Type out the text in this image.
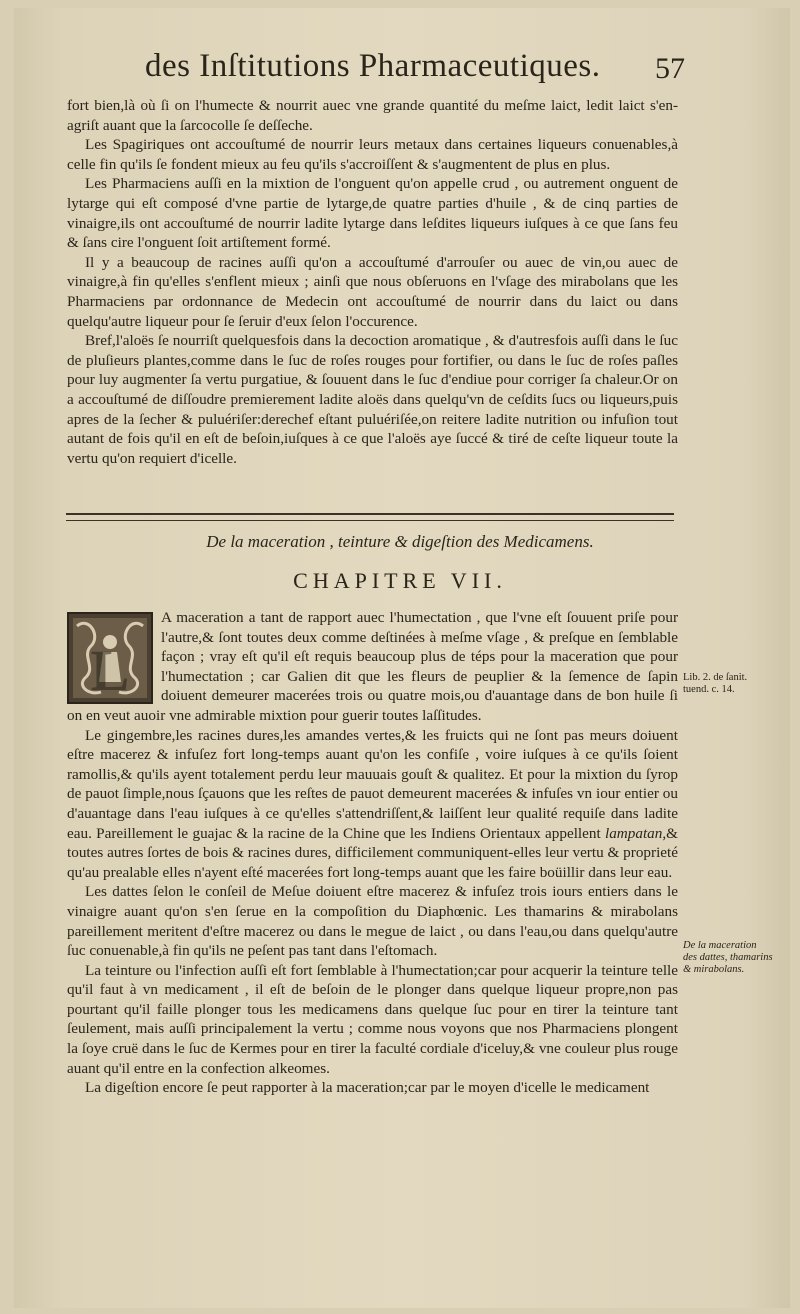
des Inſtitutions Pharmaceutiques. 57

fort bien,là où ſi on l'humecte & nourrit auec vne grande quantité du meſme laict, ledit laict s'en-agriſt auant que la ſarcocolle ſe deſſeche.

Les Spagiriques ont accouſtumé de nourrir leurs metaux dans certaines liqueurs conuenables,à celle fin qu'ils ſe fondent mieux au feu qu'ils s'accroiſſent & s'augmentent de plus en plus.

Les Pharmaciens auſſi en la mixtion de l'onguent qu'on appelle crud , ou autrement onguent de lytarge qui eſt composé d'vne partie de lytarge,de quatre parties d'huile , & de cinq parties de vinaigre,ils ont accouſtumé de nourrir ladite lytarge dans leſdites liqueurs iuſques à ce que ſans feu & ſans cire l'onguent ſoit artiſtement formé.

Il y a beaucoup de racines auſſi qu'on a accouſtumé d'arrouſer ou auec de vin,ou auec de vinaigre,à fin qu'elles s'enflent mieux ; ainſi que nous obſeruons en l'vſage des mirabolans que les Pharmaciens par ordonnance de Medecin ont accouſtumé de nourrir dans du laict ou dans quelqu'autre liqueur pour ſe ſeruir d'eux ſelon l'occurence.

Bref,l'aloës ſe nourriſt quelquesfois dans la decoction aromatique , & d'autresfois auſſi dans le ſuc de pluſieurs plantes,comme dans le ſuc de roſes rouges pour fortifier, ou dans le ſuc de roſes paſles pour luy augmenter ſa vertu purgatiue, & ſouuent dans le ſuc d'endiue pour corriger ſa chaleur.Or on a accouſtumé de diſſoudre premierement ladite aloës dans quelqu'vn de ceſdits ſucs ou liqueurs,puis apres de la ſecher & puluériſer:derechef eſtant puluériſée,on reitere ladite nutrition ou infuſion tout autant de fois qu'il en eſt de beſoin,iuſques à ce que l'aloës aye ſuccé & tiré de ceſte liqueur toute la vertu qu'on requiert d'icelle.

De la maceration , teinture & digeſtion des Medicamens.
CHAPITRE VII.
L

A maceration a tant de rapport auec l'humectation , que l'vne eſt ſouuent priſe pour l'autre,& ſont toutes deux comme deſtinées à meſme vſage , & preſque en ſemblable façon ; vray eſt qu'il eſt requis beaucoup plus de téps pour la maceration que pour l'humectation ; car Galien dit que les fleurs de peuplier & la ſemence de ſapin doiuent demeurer macerées trois ou quatre mois,ou d'auantage dans de bon huile ſi on en veut auoir vne admirable mixtion pour guerir toutes laſſitudes.

Le gingembre,les racines dures,les amandes vertes,& les fruicts qui ne ſont pas meurs doiuent eſtre macerez & infuſez fort long-temps auant qu'on les confiſe , voire iuſques à ce qu'ils ſoient ramollis,& qu'ils ayent totalement perdu leur mauuais gouſt & qualitez. Et pour la mixtion du ſyrop de pauot ſimple,nous ſçauons que les reſtes de pauot demeurent macerées & infuſes vn iour entier ou d'auantage dans l'eau iuſques à ce qu'elles s'attendriſſent,& laiſſent leur qualité requiſe dans ladite eau. Pareillement le guajac & la racine de la Chine que les Indiens Orientaux appellent lampatan,& toutes autres ſortes de bois & racines dures, difficilement communiquent-elles leur vertu & proprieté qu'au prealable elles n'ayent eſté macerées fort long-temps auant que les faire boüillir dans leur eau.

Les dattes ſelon le conſeil de Meſue doiuent eſtre macerez & infuſez trois iours entiers dans le vinaigre auant qu'on s'en ſerue en la compoſition du Diaphœnic. Les thamarins & mirabolans pareillement meritent d'eſtre macerez ou dans le megue de laict , ou dans l'eau,ou dans quelqu'autre ſuc conuenable,à fin qu'ils ne peſent pas tant dans l'eſtomach.

La teinture ou l'infection auſſi eſt fort ſemblable à l'humectation;car pour acquerir la teinture telle qu'il faut à vn medicament , il eſt de beſoin de le plonger dans quelque liqueur propre,non pas pourtant qu'il faille plonger tous les medicamens dans quelque ſuc pour en tirer la teinture tant ſeulement, mais auſſi principalement la vertu ; comme nous voyons que nos Pharmaciens plongent la ſoye cruë dans le ſuc de Kermes pour en tirer la faculté cordiale d'iceluy,& vne couleur plus rouge auant qu'il entre en la confection alkeomes.

La digeſtion encore ſe peut rapporter à la maceration;car par le moyen d'icelle le medicament

Lib. 2. de ſanit. tuend. c. 14.
De la maceration des dattes, thamarins & mirabolans.
